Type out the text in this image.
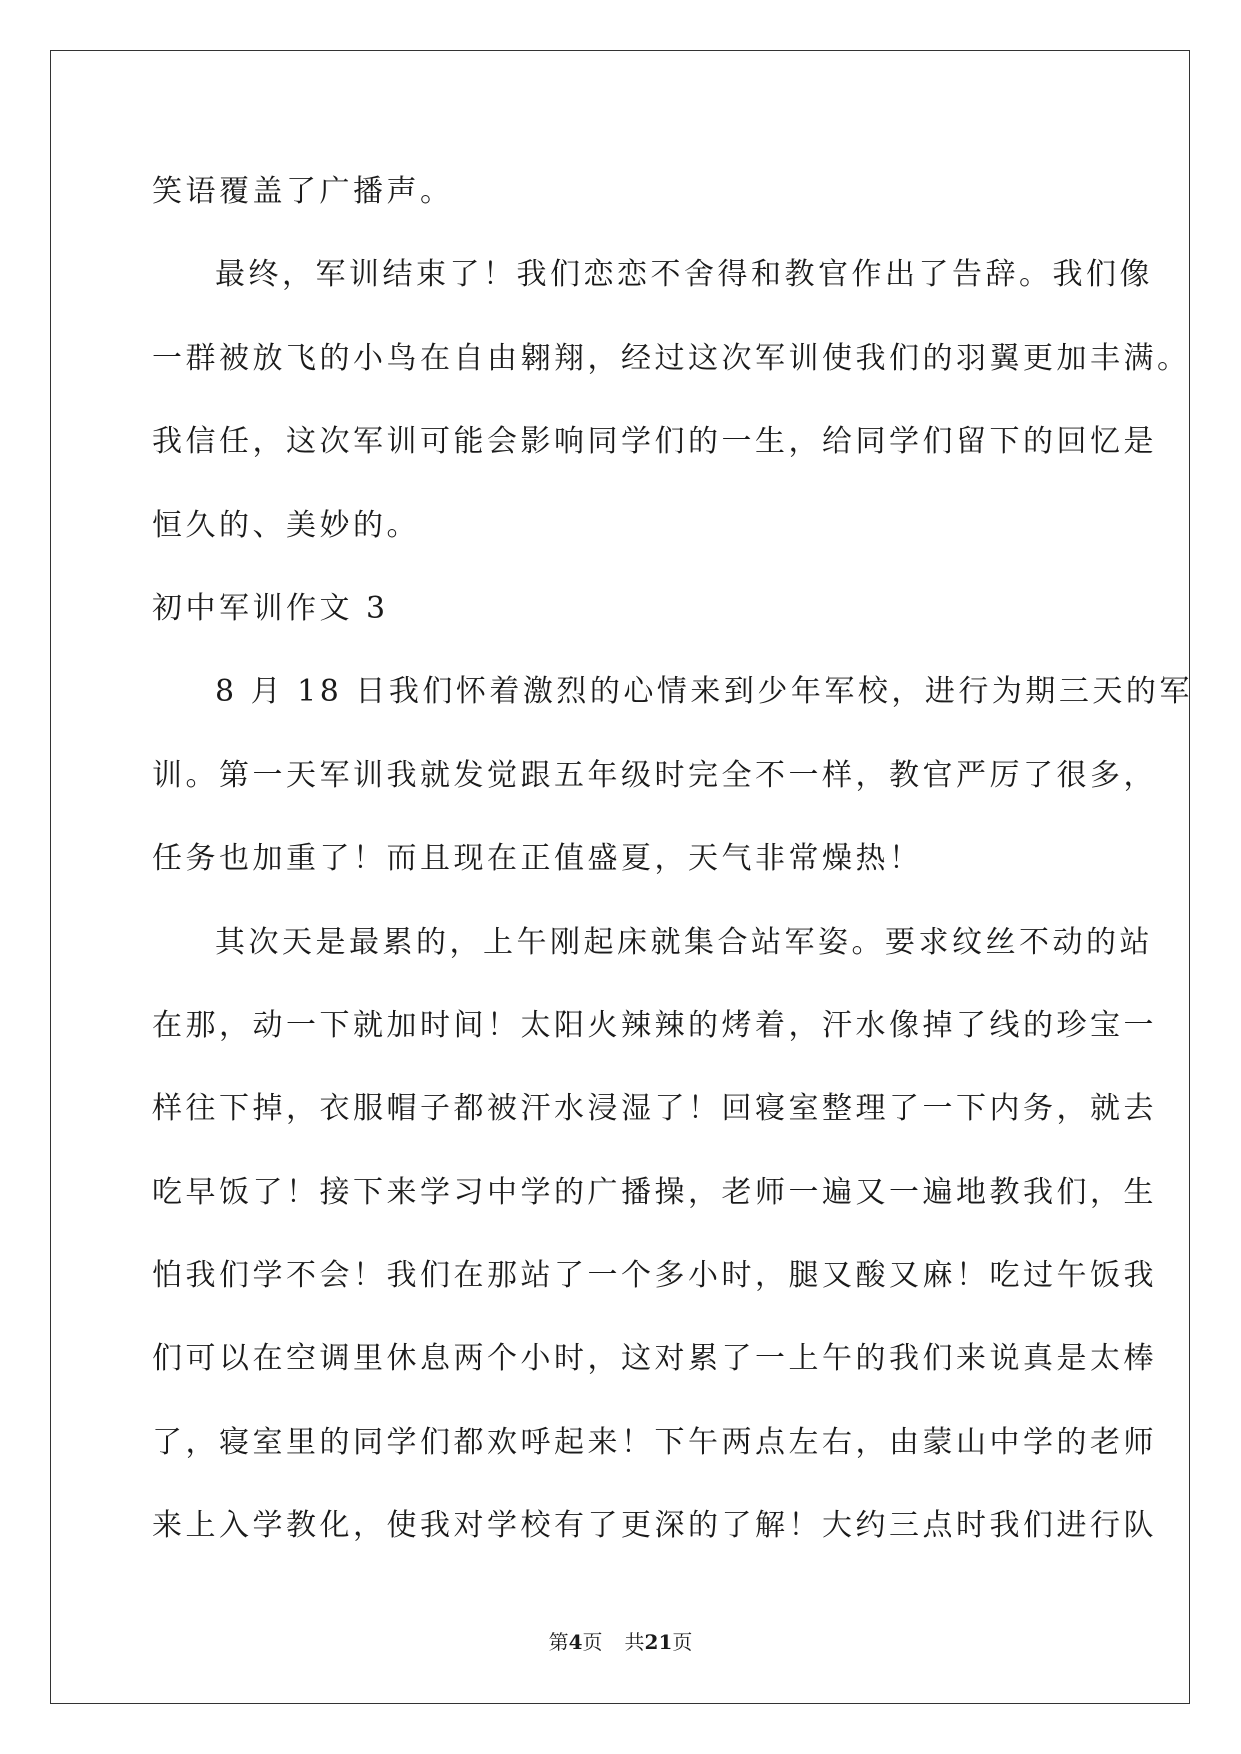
笑语覆盖了广播声。
最终，军训结束了！我们恋恋不舍得和教官作出了告辞。我们像
一群被放飞的小鸟在自由翱翔，经过这次军训使我们的羽翼更加丰满。
我信任，这次军训可能会影响同学们的一生，给同学们留下的回忆是
恒久的、美妙的。
初中军训作文 3
8 月 18 日我们怀着激烈的心情来到少年军校，进行为期三天的军
训。第一天军训我就发觉跟五年级时完全不一样，教官严厉了很多，
任务也加重了！而且现在正值盛夏，天气非常燥热！
其次天是最累的，上午刚起床就集合站军姿。要求纹丝不动的站
在那，动一下就加时间！太阳火辣辣的烤着，汗水像掉了线的珍宝一
样往下掉，衣服帽子都被汗水浸湿了！回寝室整理了一下内务，就去
吃早饭了！接下来学习中学的广播操，老师一遍又一遍地教我们，生
怕我们学不会！我们在那站了一个多小时，腿又酸又麻！吃过午饭我
们可以在空调里休息两个小时，这对累了一上午的我们来说真是太棒
了，寝室里的同学们都欢呼起来！下午两点左右，由蒙山中学的老师
来上入学教化，使我对学校有了更深的了解！大约三点时我们进行队
第4页 共21页
